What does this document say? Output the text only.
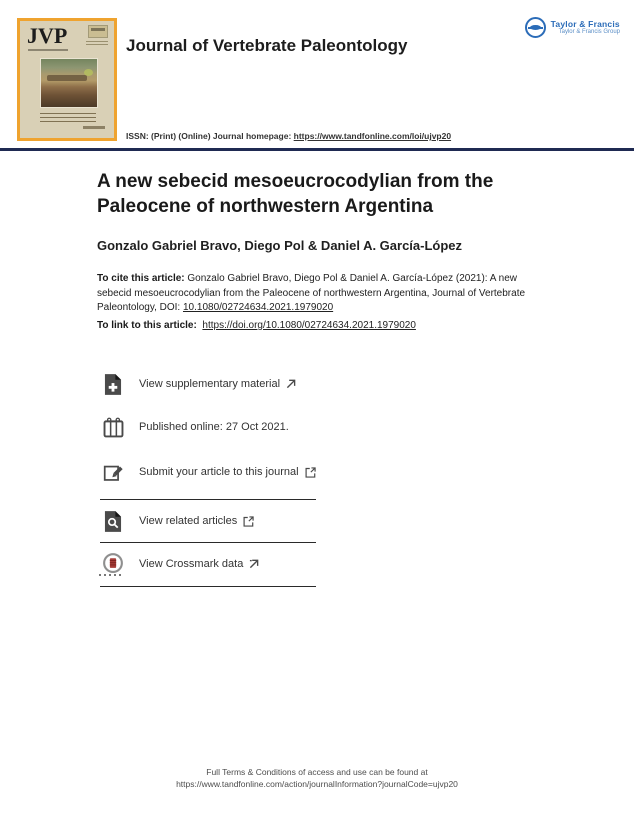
JVP	Journal of Vertebrate Paleontology
ISSN: (Print) (Online) Journal homepage: https://www.tandfonline.com/loi/ujvp20
Taylor & Francis
Taylor & Francis Group
A new sebecid mesoeucrocodylian from the Paleocene of northwestern Argentina
Gonzalo Gabriel Bravo, Diego Pol & Daniel A. García-López

To cite this article: Gonzalo Gabriel Bravo, Diego Pol & Daniel A. García-López (2021): A new sebecid mesoeucrocodylian from the Paleocene of northwestern Argentina, Journal of Vertebrate Paleontology, DOI: 10.1080/02724634.2021.1979020

To link to this article: https://doi.org/10.1080/02724634.2021.1979020

View supplementary material
Published online: 27 Oct 2021.
Submit your article to this journal
View related articles
View Crossmark data
Full Terms & Conditions of access and use can be found at
https://www.tandfonline.com/action/journalInformation?journalCode=ujvp20
